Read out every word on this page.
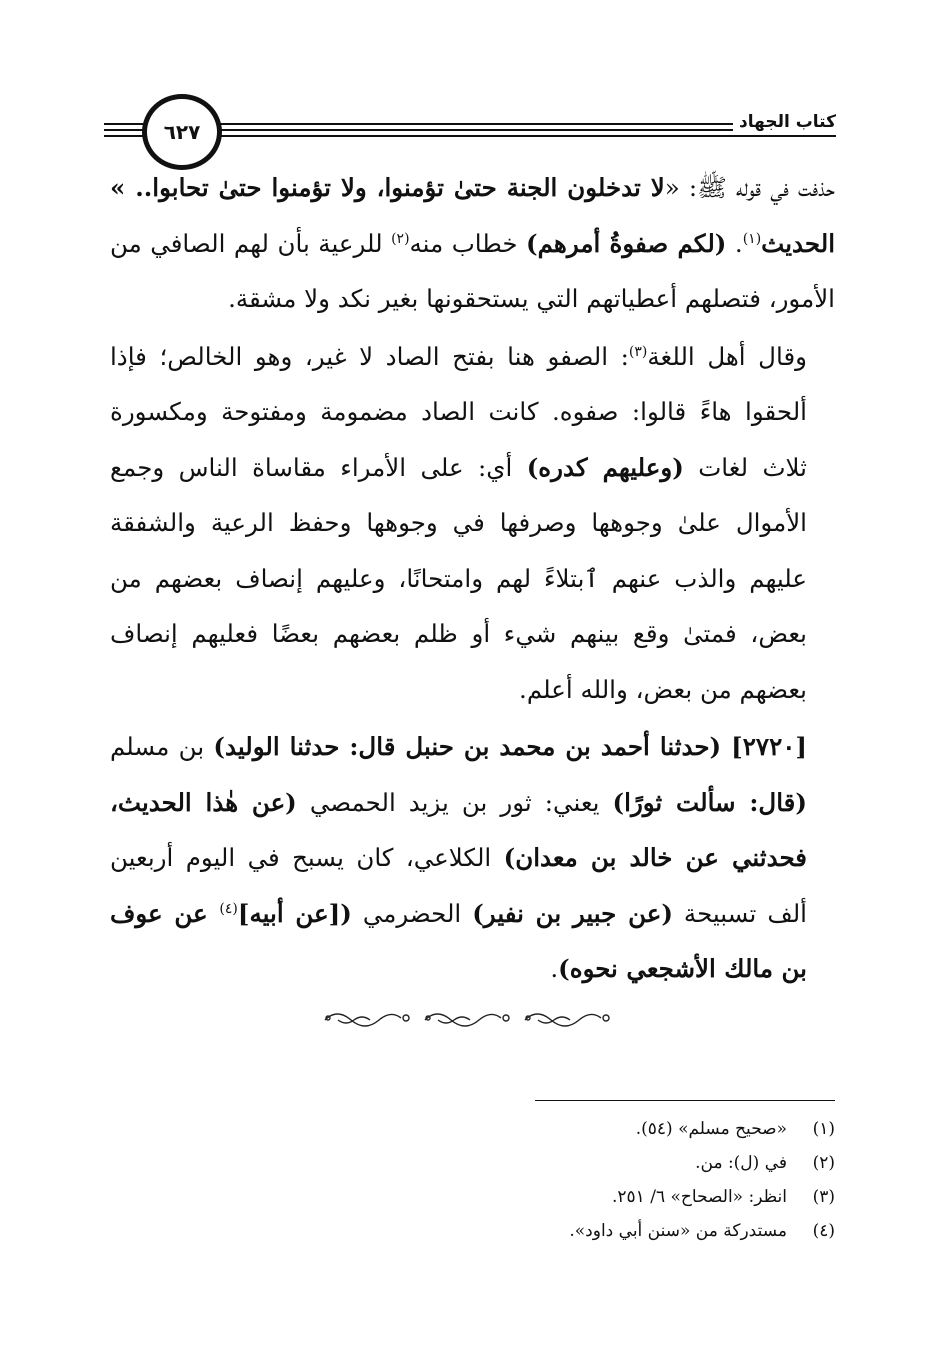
كتاب الجهاد
٦٢٧

حذفت في قوله ﷺ: «لا تدخلون الجنة حتىٰ تؤمنوا، ولا تؤمنوا حتىٰ تحابوا.. » الحديث$^{(١)}$. (لكم صفوةُ أمرهم) خطاب منه$^{(٢)}$ للرعية بأن لهم الصافي من الأمور، فتصلهم أعطياتهم التي يستحقونها بغير نكد ولا مشقة.

وقال أهل اللغة$^{(٣)}$: الصفو هنا بفتح الصاد لا غير، وهو الخالص؛ فإذا ألحقوا هاءً قالوا: صفوه. كانت الصاد مضمومة ومفتوحة ومكسورة ثلاث لغات (وعليهم كدره) أي: على الأمراء مقاساة الناس وجمع الأموال علىٰ وجوهها وصرفها في وجوهها وحفظ الرعية والشفقة عليهم والذب عنهم ٱبتلاءً لهم وامتحانًا، وعليهم إنصاف بعضهم من بعض، فمتىٰ وقع بينهم شيء أو ظلم بعضهم بعضًا فعليهم إنصاف بعضهم من بعض، والله أعلم.

[٢٧٢٠] (حدثنا أحمد بن محمد بن حنبل قال: حدثنا الوليد) بن مسلم (قال: سألت ثورًا) يعني: ثور بن يزيد الحمصي (عن هٰذا الحديث، فحدثني عن خالد بن معدان) الكلاعي، كان يسبح في اليوم أربعين ألف تسبيحة (عن جبير بن نفير) الحضرمي ([عن أبيه]$^{(٤)}$ عن عوف بن مالك الأشجعي نحوه).

(١)
«صحيح مسلم» (٥٤).
(٢)
في (ل): من.
(٣)
انظر: «الصحاح» ٦/ ٢٥١.
(٤)
مستدركة من «سنن أبي داود».
